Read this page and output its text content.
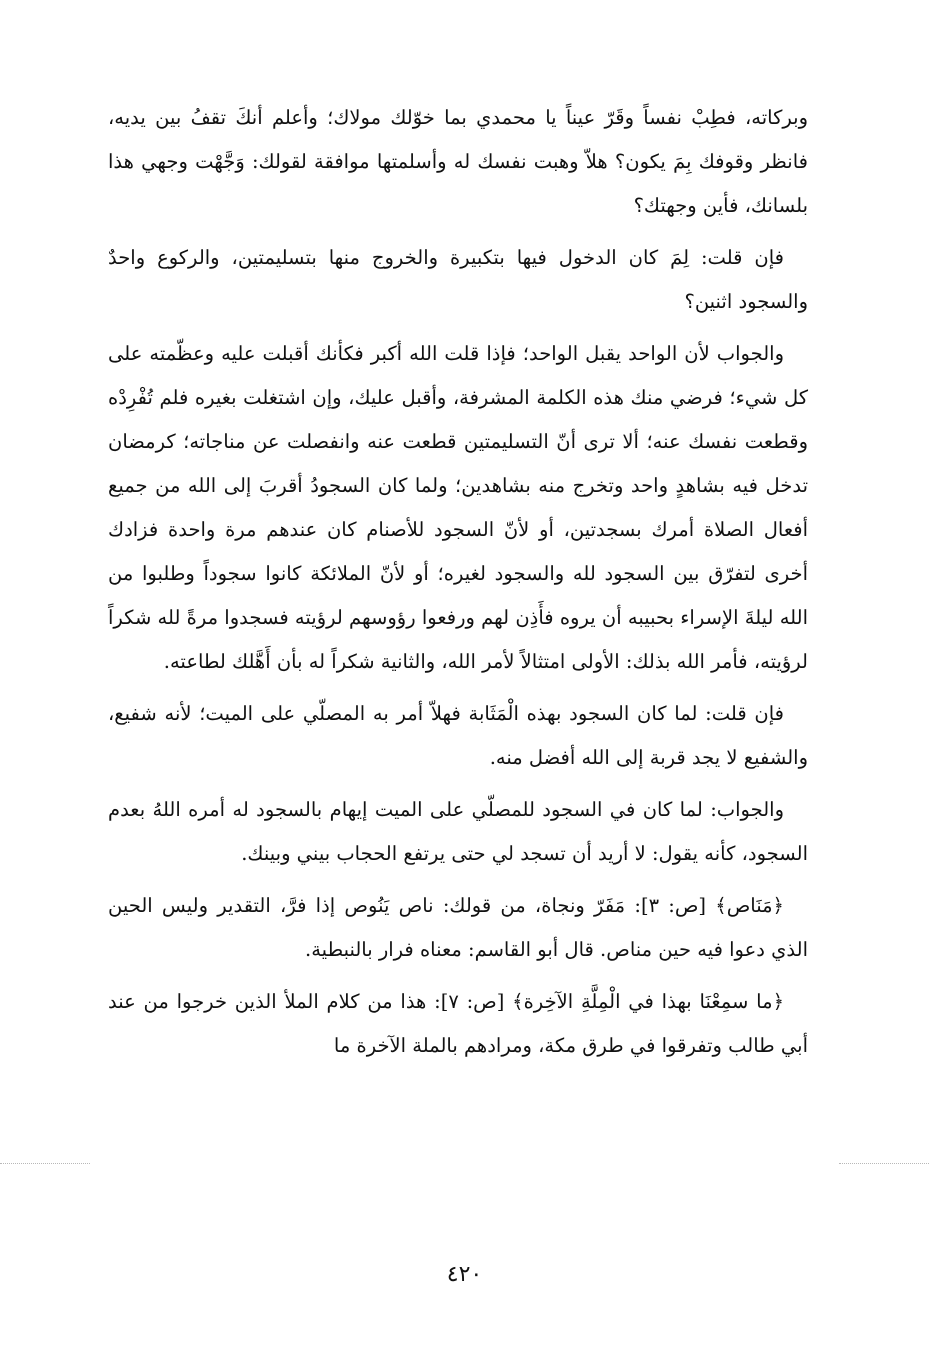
وبركاته، فطِبْ نفساً وقَرّ عيناً يا محمدي بما خوّلك مولاك؛ وأعلم أنكَ تقفُ بين يديه، فانظر وقوفك بِمَ يكون؟ هلاّ وهبت نفسك له وأسلمتها موافقة لقولك: وَجَّهْت وجهي هذا بلسانك، فأين وجهتك؟

فإن قلت: لِمَ كان الدخول فيها بتكبيرة والخروج منها بتسليمتين، والركوع واحدٌ والسجود اثنين؟

والجواب لأن الواحد يقبل الواحد؛ فإذا قلت الله أكبر فكأنك أقبلت عليه وعظّمته على كل شيء؛ فرضي منك هذه الكلمة المشرفة، وأقبل عليك، وإن اشتغلت بغيره فلم تُفْرِدْه وقطعت نفسك عنه؛ ألا ترى أنّ التسليمتين قطعت عنه وانفصلت عن مناجاته؛ كرمضان تدخل فيه بشاهدٍ واحد وتخرج منه بشاهدين؛ ولما كان السجودُ أقربَ إلى الله من جميع أفعال الصلاة أمرك بسجدتين، أو لأنّ السجود للأصنام كان عندهم مرة واحدة فزادك أخرى لتفرّق بين السجود لله والسجود لغيره؛ أو لأنّ الملائكة كانوا سجوداً وطلبوا من الله ليلةَ الإسراء بحبيبه أن يروه فأَذِن لهم ورفعوا رؤوسهم لرؤيته فسجدوا مرةً لله شكراً لرؤيته، فأمر الله بذلك: الأولى امتثالاً لأمر الله، والثانية شكراً له بأن أَهَّلك لطاعته.

فإن قلت: لما كان السجود بهذه الْمَثَابة فهلاّ أمر به المصلّي على الميت؛ لأنه شفيع، والشفيع لا يجد قربة إلى الله أفضل منه.

والجواب: لما كان في السجود للمصلّي على الميت إيهام بالسجود له أمره اللهُ بعدم السجود، كأنه يقول: لا أريد أن تسجد لي حتى يرتفع الحجاب بيني وبينك.

﴿مَنَاص﴾ [ص: ٣]: مَفَرّ ونجاة، من قولك: ناص يَنُوص إذا فرَّ، التقدير وليس الحين الذي دعوا فيه حين مناص. قال أبو القاسم: معناه فرار بالنبطية.

﴿ما سمِعْنَا بهذا في الْمِلَّةِ الآخِرة﴾ [ص: ٧]: هذا من كلام الملأ الذين خرجوا من عند أبي طالب وتفرقوا في طرق مكة، ومرادهم بالملة الآخرة ما

٤٢٠
